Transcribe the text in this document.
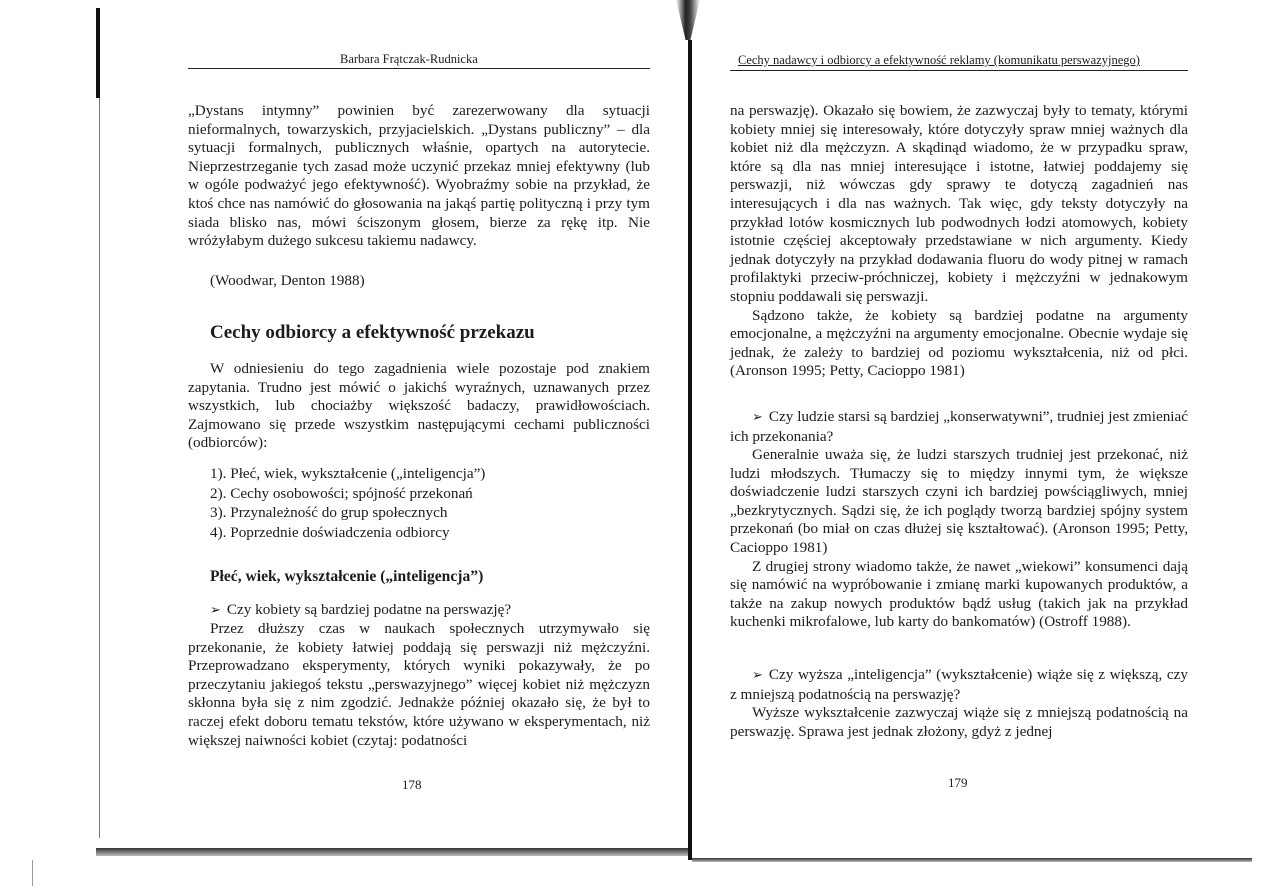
Barbara Frątczak-Rudnicka

„Dystans intymny” powinien być zarezerwowany dla sytuacji nieformalnych, towarzyskich, przyjacielskich. „Dystans publiczny” – dla sytuacji formalnych, publicznych właśnie, opartych na autorytecie. Nieprzestrzeganie tych zasad może uczynić przekaz mniej efektywny (lub w ogóle podważyć jego efektywność). Wyobraźmy sobie na przykład, że ktoś chce nas namówić do głosowania na jakąś partię polityczną i przy tym siada blisko nas, mówi ściszonym głosem, bierze za rękę itp. Nie wróżyłabym dużego sukcesu takiemu nadawcy.

(Woodwar, Denton 1988)
Cechy odbiorcy a efektywność przekazu

W odniesieniu do tego zagadnienia wiele pozostaje pod znakiem zapytania. Trudno jest mówić o jakichś wyraźnych, uznawanych przez wszystkich, lub chociażby większość badaczy, prawidłowościach. Zajmowano się przede wszystkim następującymi cechami publiczności (odbiorców):

1). Płeć, wiek, wykształcenie („inteligencja”)
2). Cechy osobowości; spójność przekonań
3). Przynależność do grup społecznych
4). Poprzednie doświadczenia odbiorcy
Płeć, wiek, wykształcenie („inteligencja”)
➢ Czy kobiety są bardziej podatne na perswazję?

Przez dłuższy czas w naukach społecznych utrzymywało się przekonanie, że kobiety łatwiej poddają się perswazji niż mężczyźni. Przeprowadzano eksperymenty, których wyniki pokazywały, że po przeczytaniu jakiegoś tekstu „perswazyjnego” więcej kobiet niż mężczyzn skłonna była się z nim zgodzić. Jednakże później okazało się, że był to raczej efekt doboru tematu tekstów, które używano w eksperymentach, niż większej naiwności kobiet (czytaj: podatności

178
Cechy nadawcy i odbiorcy a efektywność reklamy (komunikatu perswazyjnego)

na perswazję). Okazało się bowiem, że zazwyczaj były to tematy, którymi kobiety mniej się interesowały, które dotyczyły spraw mniej ważnych dla kobiet niż dla mężczyzn. A skądinąd wiadomo, że w przypadku spraw, które są dla nas mniej interesujące i istotne, łatwiej poddajemy się perswazji, niż wówczas gdy sprawy te dotyczą zagadnień nas interesujących i dla nas ważnych. Tak więc, gdy teksty dotyczyły na przykład lotów kosmicznych lub podwodnych łodzi atomowych, kobiety istotnie częściej akceptowały przedstawiane w nich argumenty. Kiedy jednak dotyczyły na przykład dodawania fluoru do wody pitnej w ramach profilaktyki przeciw-próchniczej, kobiety i mężczyźni w jednakowym stopniu poddawali się perswazji.

Sądzono także, że kobiety są bardziej podatne na argumenty emocjonalne, a mężczyźni na argumenty emocjonalne. Obecnie wydaje się jednak, że zależy to bardziej od poziomu wykształcenia, niż od płci. (Aronson 1995; Petty, Cacioppo 1981)

➢ Czy ludzie starsi są bardziej „konserwatywni”, trudniej jest zmieniać ich przekonania?

Generalnie uważa się, że ludzi starszych trudniej jest przekonać, niż ludzi młodszych. Tłumaczy się to między innymi tym, że większe doświadczenie ludzi starszych czyni ich bardziej powściągliwych, mniej „bezkrytycznych. Sądzi się, że ich poglądy tworzą bardziej spójny system przekonań (bo miał on czas dłużej się kształtować). (Aronson 1995; Petty, Cacioppo 1981)

Z drugiej strony wiadomo także, że nawet „wiekowi” konsumenci dają się namówić na wypróbowanie i zmianę marki kupowanych produktów, a także na zakup nowych produktów bądź usług (takich jak na przykład kuchenki mikrofalowe, lub karty do bankomatów) (Ostroff 1988).

➢ Czy wyższa „inteligencja” (wykształcenie) wiąże się z większą, czy z mniejszą podatnością na perswazję?

Wyższe wykształcenie zazwyczaj wiąże się z mniejszą podatnością na perswazję. Sprawa jest jednak złożony, gdyż z jednej

179
